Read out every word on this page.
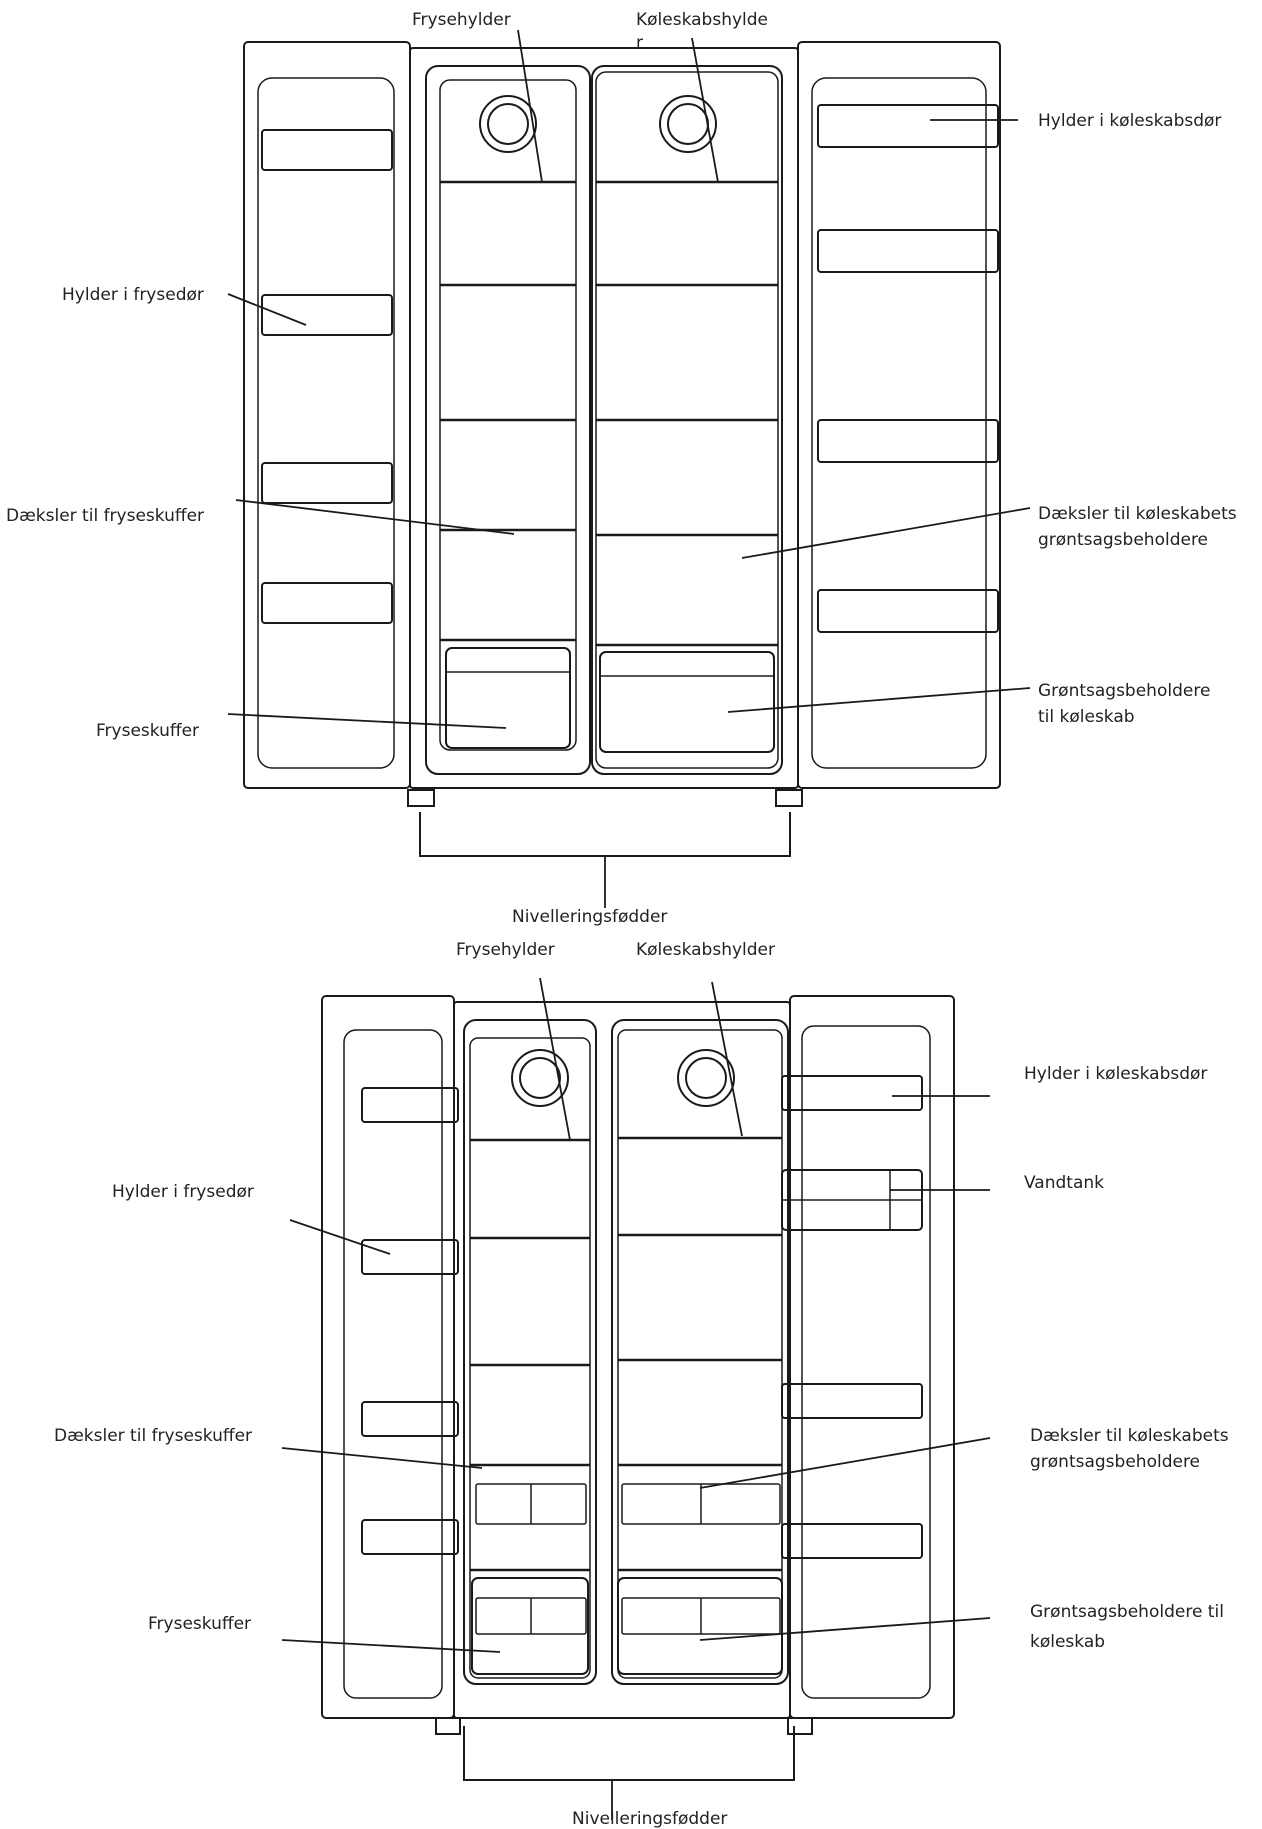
Frysehylder	Køleskabshylde
r
Hylder i køleskabsdør
Hylder i frysedør
Dæksler til fryseskuffer	Dæksler til køleskabets
grøntsagsbeholdere
Fryseskuffer
Grøntsagsbeholdere
til køleskab
Nivelleringsfødder
Frysehylder	Køleskabshylder
Hylder i køleskabsdør
Vandtank
Hylder i frysedør
Dæksler til fryseskuffer	Dæksler til køleskabets
grøntsagsbeholdere
Fryseskuffer
Grøntsagsbeholdere til
køleskab
Nivelleringsfødder
